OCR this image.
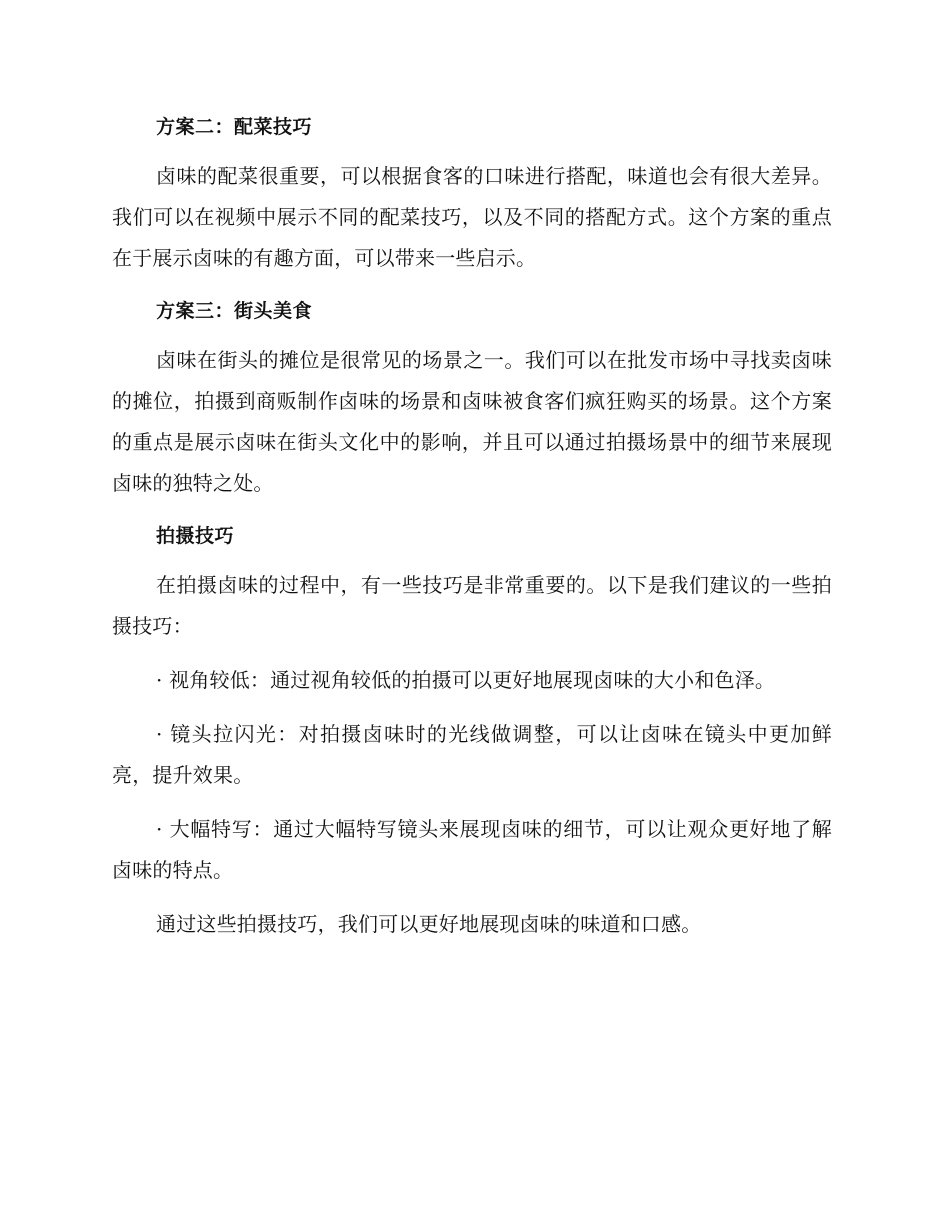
方案二：配菜技巧

卤味的配菜很重要，可以根据食客的口味进行搭配，味道也会有很大差异。我们可以在视频中展示不同的配菜技巧，以及不同的搭配方式。这个方案的重点在于展示卤味的有趣方面，可以带来一些启示。

方案三：街头美食

卤味在街头的摊位是很常见的场景之一。我们可以在批发市场中寻找卖卤味的摊位，拍摄到商贩制作卤味的场景和卤味被食客们疯狂购买的场景。这个方案的重点是展示卤味在街头文化中的影响，并且可以通过拍摄场景中的细节来展现卤味的独特之处。

拍摄技巧

在拍摄卤味的过程中，有一些技巧是非常重要的。以下是我们建议的一些拍摄技巧：

· 视角较低：通过视角较低的拍摄可以更好地展现卤味的大小和色泽。

· 镜头拉闪光：对拍摄卤味时的光线做调整，可以让卤味在镜头中更加鲜亮，提升效果。

· 大幅特写：通过大幅特写镜头来展现卤味的细节，可以让观众更好地了解卤味的特点。

通过这些拍摄技巧，我们可以更好地展现卤味的味道和口感。
